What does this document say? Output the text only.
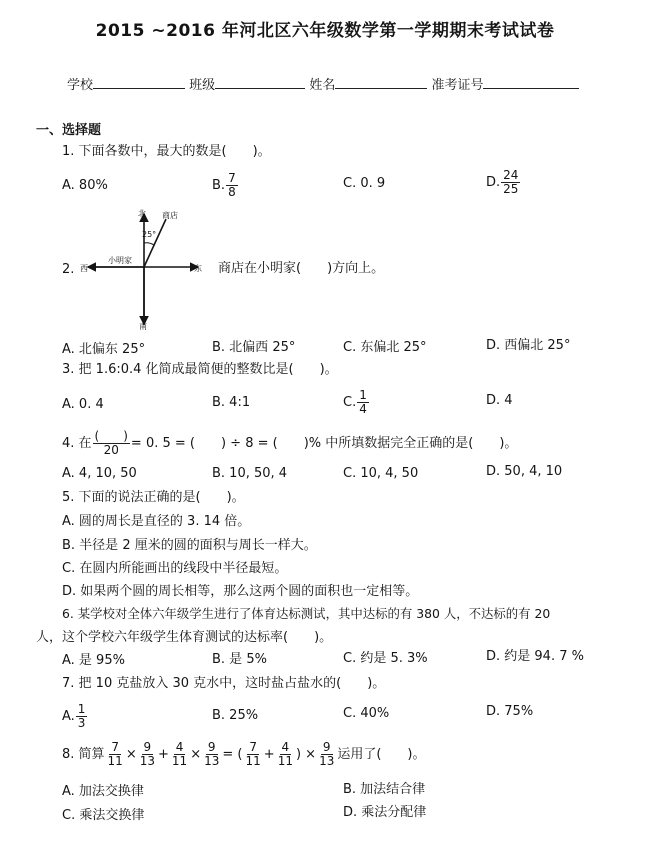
2015 ~2016 年河北区六年级数学第一学期期末考试试卷
学校	班级	姓名	准考证号
一、选择题
1. 下面各数中，最大的数是(　　)。
A. 80%	B. $\frac{7}{8}$	C. 0. 9	D. $\frac{24}{25}$
北 商店
25°
小明家
西	东
南
2.	商店在小明家(　　)方向上。
A. 北偏东 25°	B. 北偏西 25°	C. 东偏北 25°	D. 西偏北 25°
3. 把 1.6:0.4 化简成最简便的整数比是(　　)。
A. 0. 4	B. 4:1	C. $\frac{1}{4}$	D. 4
4. 在 $\frac{( )}{20} = 0$. 5 = (　　) ÷ 8 = (　　)% 中所填数据完全正确的是(　　)。
A. 4, 10, 50	B. 10, 50, 4	C. 10, 4, 50	D. 50, 4, 10
5. 下面的说法正确的是(　　)。
A. 圆的周长是直径的 3. 14 倍。
B. 半径是 2 厘米的圆的面积与周长一样大。
C. 在圆内所能画出的线段中半径最短。
D. 如果两个圆的周长相等，那么这两个圆的面积也一定相等。
6. 某学校对全体六年级学生进行了体育达标测试，其中达标的有 380 人，不达标的有 20
人，这个学校六年级学生体育测试的达标率(　　)。
A. 是 95%	B. 是 5%	C. 约是 5. 3%	D. 约是 94. 7 %
7. 把 10 克盐放入 30 克水中，这时盐占盐水的(　　)。
A. $\frac{1}{3}$	B. 25%	C. 40%	D. 75%
8. 简算 $\frac{7}{11} \times \frac{9}{13} + \frac{4}{11} \times \frac{9}{13}$ = ( $\frac{7}{11} + \frac{4}{11}$ ) × $\frac{9}{13}$ 运用了(　　)。
A. 加法交换律	B. 加法结合律
C. 乘法交换律	D. 乘法分配律
